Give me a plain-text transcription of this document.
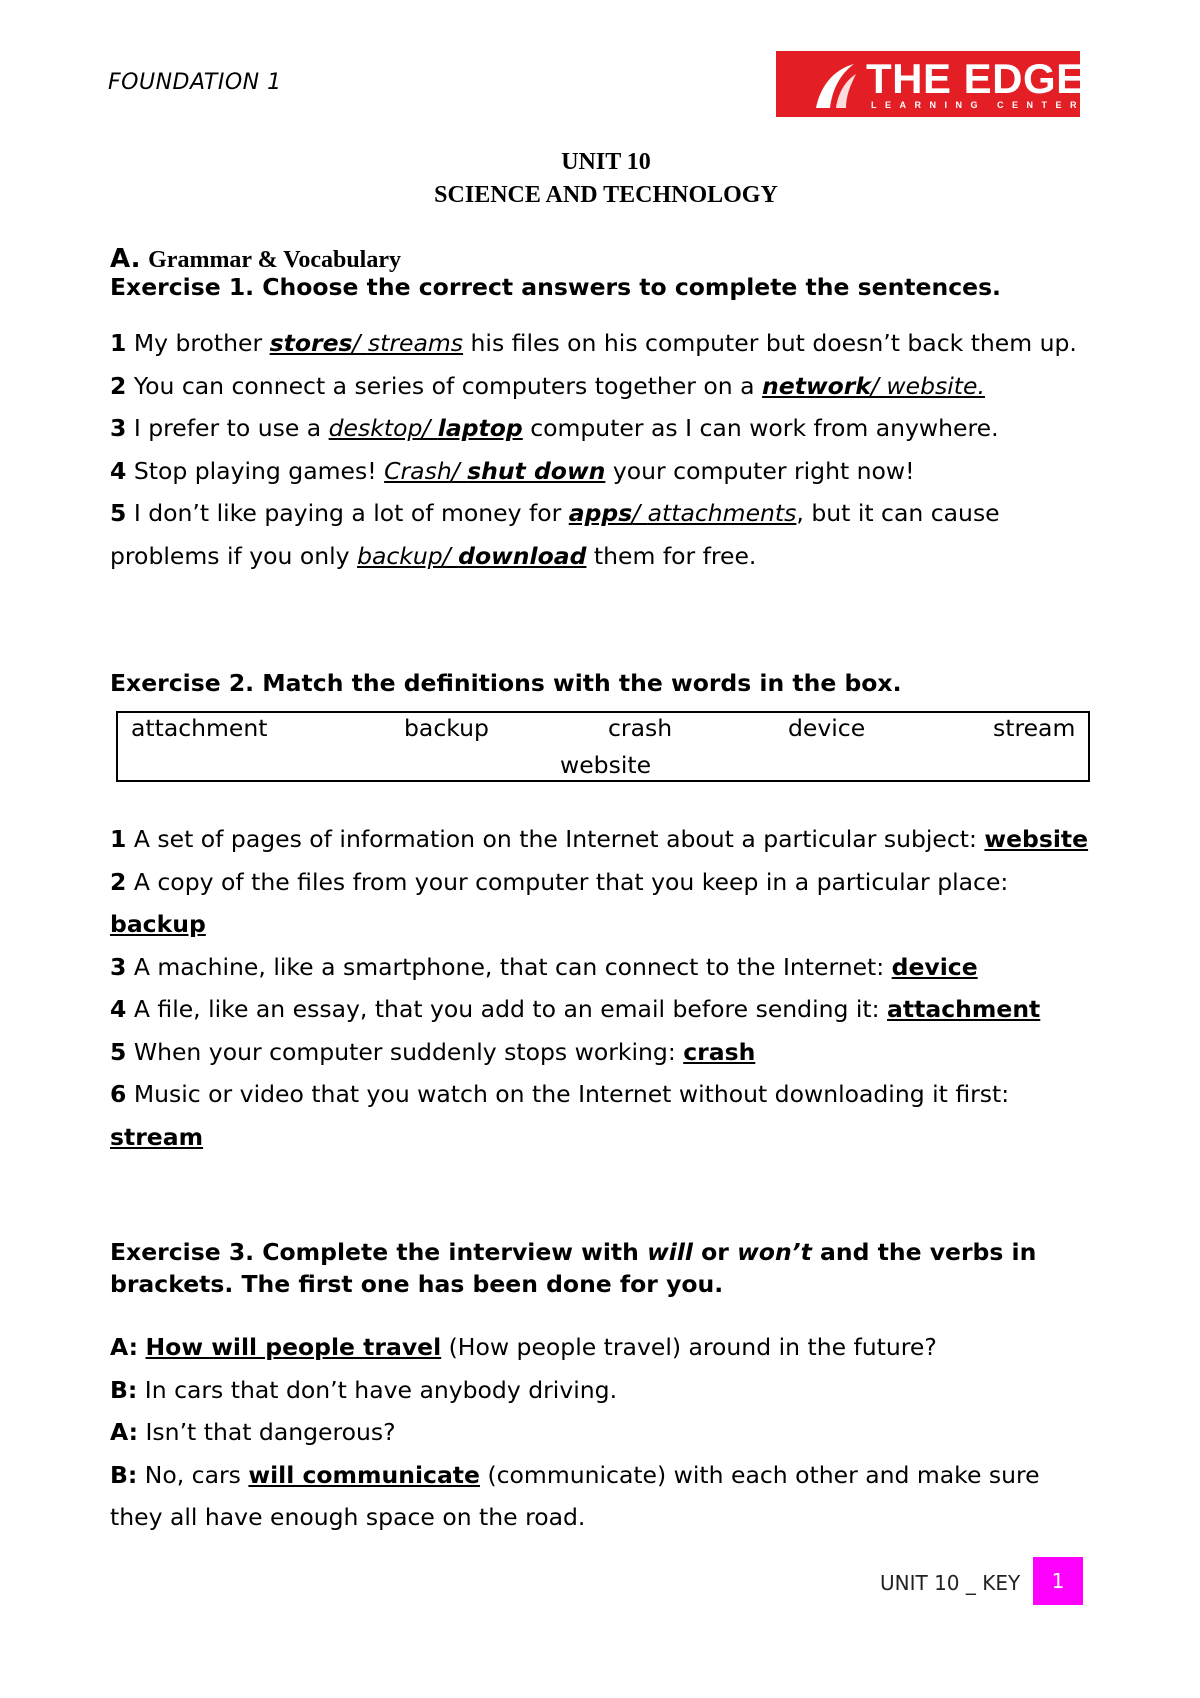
FOUNDATION 1	THE EDGE
LEARNING CENTER
UNIT 10
SCIENCE AND TECHNOLOGY
A. Grammar & Vocabulary
Exercise 1. Choose the correct answers to complete the sentences.
1 My brother stores/ streams his files on his computer but doesn’t back them up.
2 You can connect a series of computers together on a network/ website.
3 I prefer to use a desktop/ laptop computer as I can work from anywhere.
4 Stop playing games! Crash/ shut down your computer right now!
5 I don’t like paying a lot of money for apps/ attachments, but it can cause problems if you only backup/ download them for free.
Exercise 2. Match the definitions with the words in the box.
attachment	backup	crash	device	stream
website
1 A set of pages of information on the Internet about a particular subject: website
2 A copy of the files from your computer that you keep in a particular place: backup
3 A machine, like a smartphone, that can connect to the Internet: device
4 A file, like an essay, that you add to an email before sending it: attachment
5 When your computer suddenly stops working: crash
6 Music or video that you watch on the Internet without downloading it first: stream
Exercise 3. Complete the interview with will or won’t and the verbs in brackets. The first one has been done for you.
A: How will people travel (How people travel) around in the future?
B: In cars that don’t have anybody driving.
A: Isn’t that dangerous?
B: No, cars will communicate (communicate) with each other and make sure they all have enough space on the road.
UNIT 10 _ KEY	1
